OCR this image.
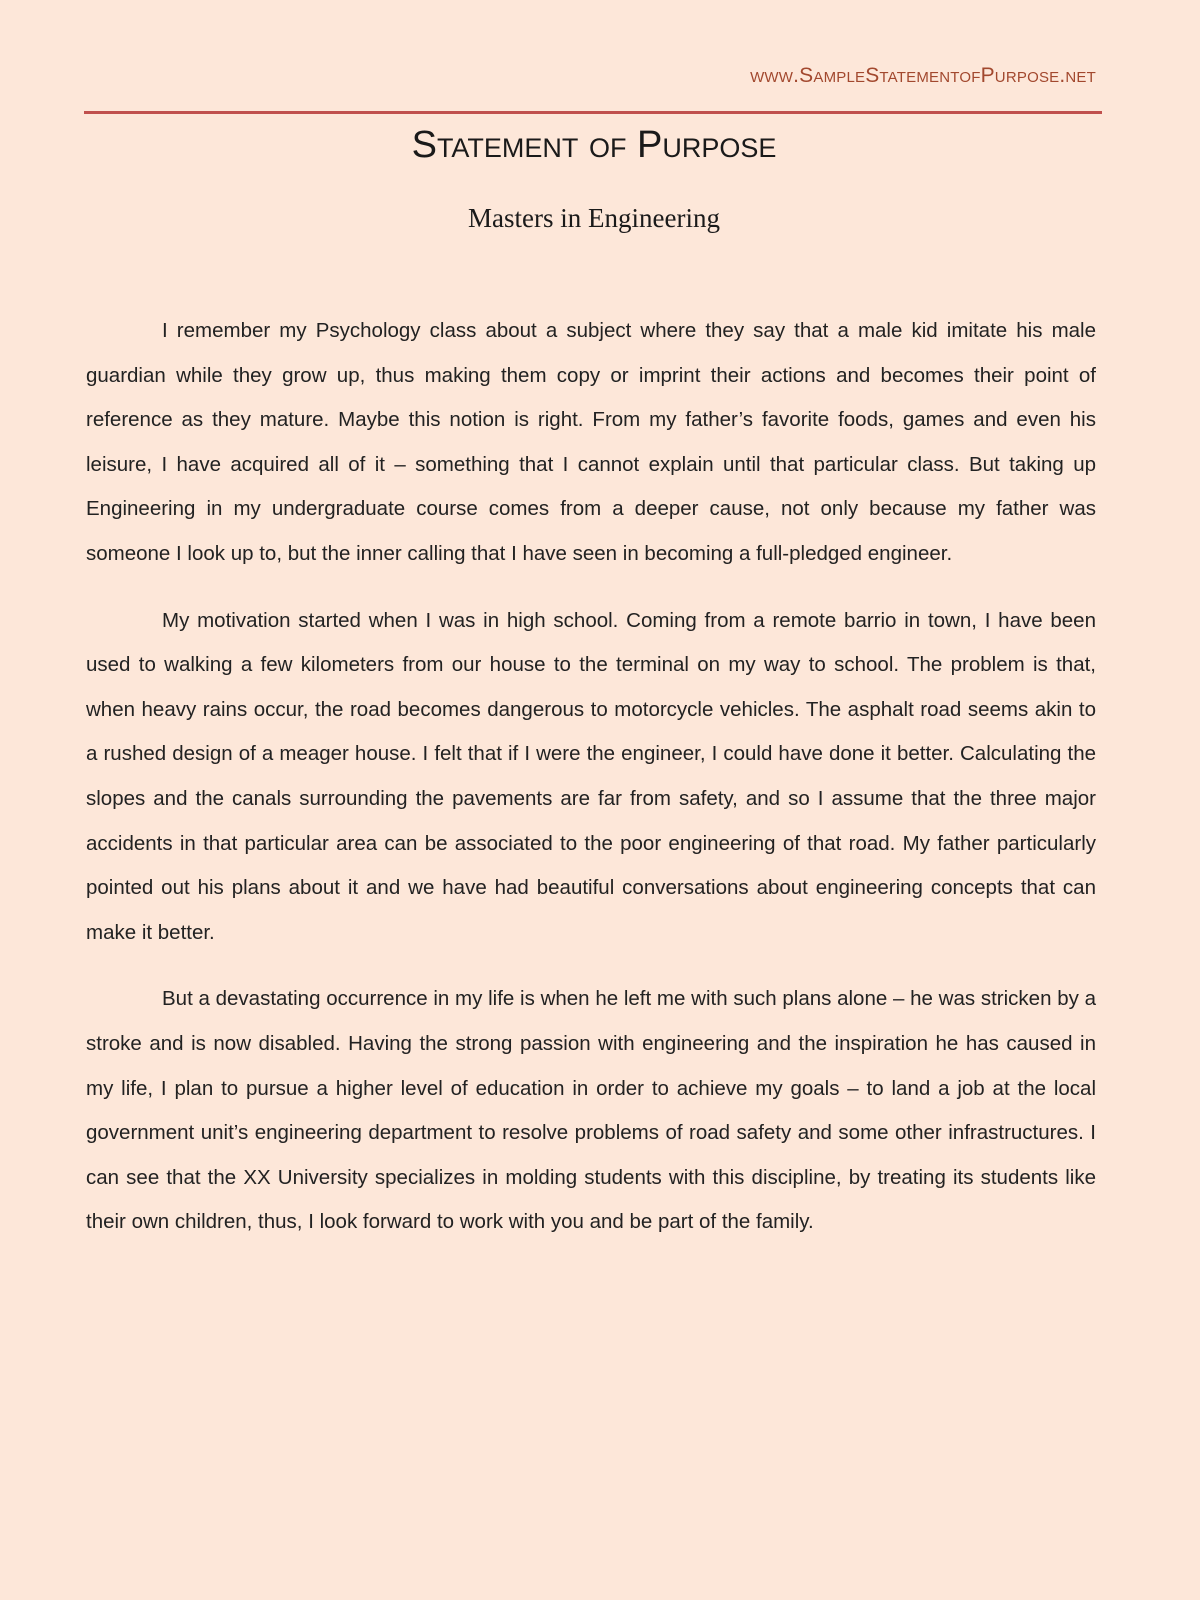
www.SampleStatementofPurpose.net
Statement of Purpose
Masters in Engineering

I remember my Psychology class about a subject where they say that a male kid imitate his male guardian while they grow up, thus making them copy or imprint their actions and becomes their point of reference as they mature. Maybe this notion is right. From my father’s favorite foods, games and even his leisure, I have acquired all of it – something that I cannot explain until that particular class. But taking up Engineering in my undergraduate course comes from a deeper cause, not only because my father was someone I look up to, but the inner calling that I have seen in becoming a full-pledged engineer.

My motivation started when I was in high school. Coming from a remote barrio in town, I have been used to walking a few kilometers from our house to the terminal on my way to school. The problem is that, when heavy rains occur, the road becomes dangerous to motorcycle vehicles. The asphalt road seems akin to a rushed design of a meager house. I felt that if I were the engineer, I could have done it better. Calculating the slopes and the canals surrounding the pavements are far from safety, and so I assume that the three major accidents in that particular area can be associated to the poor engineering of that road. My father particularly pointed out his plans about it and we have had beautiful conversations about engineering concepts that can make it better.

But a devastating occurrence in my life is when he left me with such plans alone – he was stricken by a stroke and is now disabled. Having the strong passion with engineering and the inspiration he has caused in my life, I plan to pursue a higher level of education in order to achieve my goals – to land a job at the local government unit’s engineering department to resolve problems of road safety and some other infrastructures. I can see that the XX University specializes in molding students with this discipline, by treating its students like their own children, thus, I look forward to work with you and be part of the family.
